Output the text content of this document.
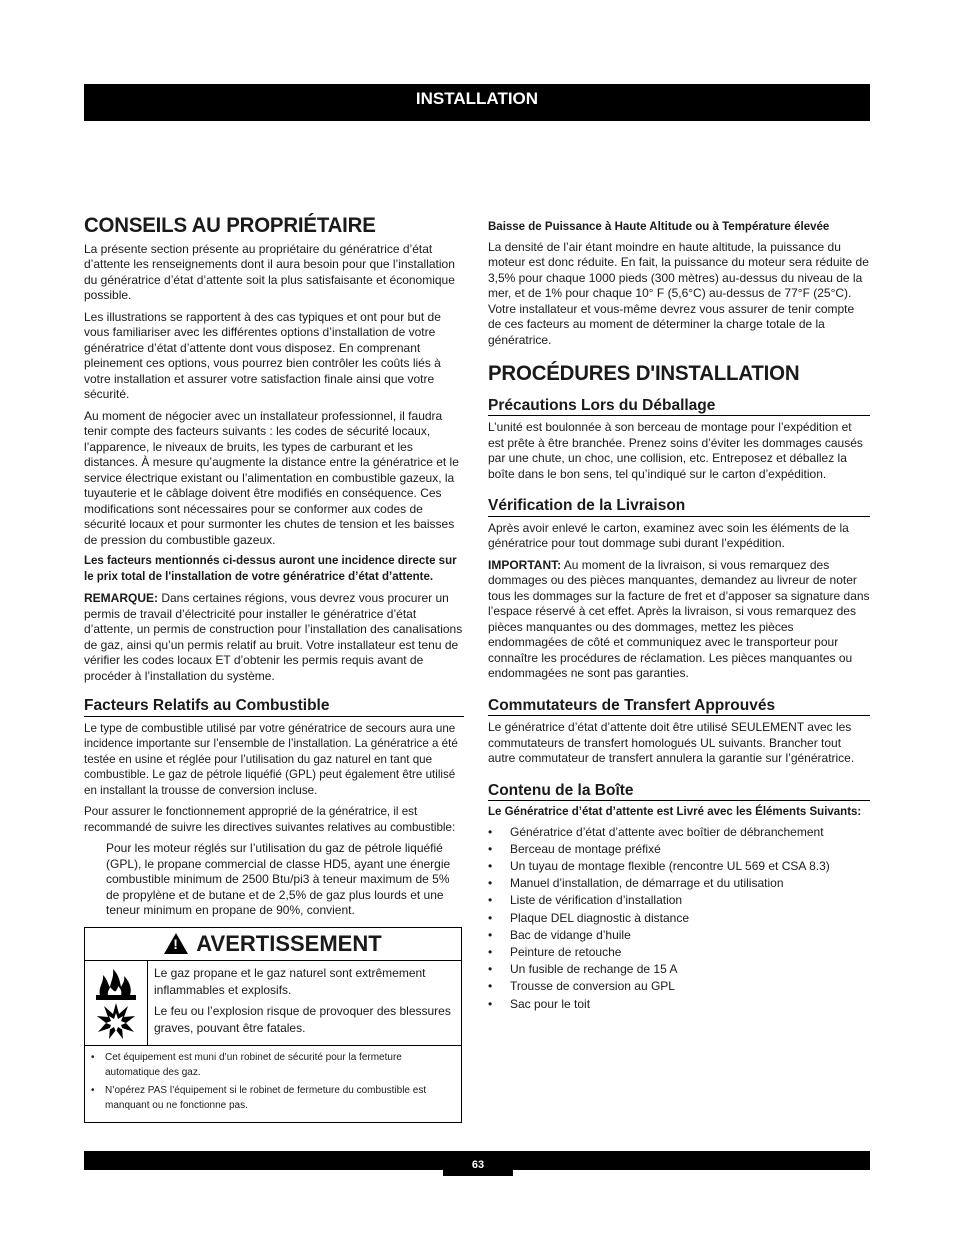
INSTALLATION
CONSEILS AU PROPRIÉTAIRE

La présente section présente au propriétaire du génératrice d’état d’attente les renseignements dont il aura besoin pour que l’installation du génératrice d’état d’attente soit la plus satisfaisante et économique possible.

Les illustrations se rapportent à des cas typiques et ont pour but de vous familiariser avec les différentes options d’installation de votre génératrice d’état d’attente dont vous disposez. En comprenant pleinement ces options, vous pourrez bien contrôler les coûts liés à votre installation et assurer votre satisfaction finale ainsi que votre sécurité.

Au moment de négocier avec un installateur professionnel, il faudra tenir compte des facteurs suivants : les codes de sécurité locaux, l’apparence, le niveaux de bruits, les types de carburant et les distances. À mesure qu’augmente la distance entre la génératrice et le service électrique existant ou l’alimentation en combustible gazeux, la tuyauterie et le câblage doivent être modifiés en conséquence. Ces modifications sont nécessaires pour se conformer aux codes de sécurité locaux et pour surmonter les chutes de tension et les baisses de pression du combustible gazeux.

Les facteurs mentionnés ci-dessus auront une incidence directe sur le prix total de l'installation de votre génératrice d’état d’attente.

REMARQUE: Dans certaines régions, vous devrez vous procurer un permis de travail d’électricité pour installer le génératrice d’état d’attente, un permis de construction pour l’installation des canalisations de gaz, ainsi qu’un permis relatif au bruit. Votre installateur est tenu de vérifier les codes locaux ET d’obtenir les permis requis avant de procéder à l’installation du système.

Facteurs Relatifs au Combustible

Le type de combustible utilisé par votre génératrice de secours aura une incidence importante sur l’ensemble de l’installation. La génératrice a été testée en usine et réglée pour l’utilisation du gaz naturel en tant que combustible. Le gaz de pétrole liquéfié (GPL) peut également être utilisé en installant la trousse de conversion incluse.

Pour assurer le fonctionnement approprié de la génératrice, il est recommandé de suivre les directives suivantes relatives au combustible:

Pour les moteur réglés sur l’utilisation du gaz de pétrole liquéfié (GPL), le propane commercial de classe HD5, ayant une énergie combustible minimum de 2500 Btu/pi3 à teneur maximum de 5% de propylène et de butane et de 2,5% de gaz plus lourds et une teneur minimum en propane de 90%, convient.

! AVERTISSEMENT

Le gaz propane et le gaz naturel sont extrêmement inflammables et explosifs.

Le feu ou l’explosion risque de provoquer des blessures graves, pouvant être fatales.

•	Cet équipement est muni d’un robinet de sécurité pour la fermeture automatique des gaz.
•	N’opérez PAS l’équipement si le robinet de fermeture du combustible est manquant ou ne fonctionne pas.

Baisse de Puissance à Haute Altitude ou à Température élevée

La densité de l’air étant moindre en haute altitude, la puissance du moteur est donc réduite. En fait, la puissance du moteur sera réduite de 3,5% pour chaque 1000 pieds (300 mètres) au-dessus du niveau de la mer, et de 1% pour chaque 10° F (5,6°C) au-dessus de 77°F (25°C). Votre installateur et vous-même devrez vous assurer de tenir compte de ces facteurs au moment de déterminer la charge totale de la génératrice.

PROCÉDURES D'INSTALLATION
Précautions Lors du Déballage

L’unité est boulonnée à son berceau de montage pour l’expédition et est prête à être branchée. Prenez soins d’éviter les dommages causés par une chute, un choc, une collision, etc. Entreposez et déballez la boîte dans le bon sens, tel qu’indiqué sur le carton d’expédition.

Vérification de la Livraison

Après avoir enlevé le carton, examinez avec soin les éléments de la génératrice pour tout dommage subi durant l’expédition.

IMPORTANT: Au moment de la livraison, si vous remarquez des dommages ou des pièces manquantes, demandez au livreur de noter tous les dommages sur la facture de fret et d’apposer sa signature dans l’espace réservé à cet effet. Après la livraison, si vous remarquez des pièces manquantes ou des dommages, mettez les pièces endommagées de côté et communiquez avec le transporteur pour connaître les procédures de réclamation. Les pièces manquantes ou endommagées ne sont pas garanties.

Commutateurs de Transfert Approuvés

Le génératrice d’état d’attente doit être utilisé SEULEMENT avec les commutateurs de transfert homologués UL suivants. Brancher tout autre commutateur de transfert annulera la garantie sur l’génératrice.

Contenu de la Boîte

Le Génératrice d’état d’attente est Livré avec les Éléments Suivants:

•	Génératrice d’état d’attente avec boîtier de débranchement
•	Berceau de montage préfixé
•	Un tuyau de montage flexible (rencontre UL 569 et CSA 8.3)
•	Manuel d’installation, de démarrage et du utilisation
•	Liste de vérification d’installation
•	Plaque DEL diagnostic à distance
•	Bac de vidange d’huile
•	Peinture de retouche
•	Un fusible de rechange de 15 A
•	Trousse de conversion au GPL
•	Sac pour le toit
63
